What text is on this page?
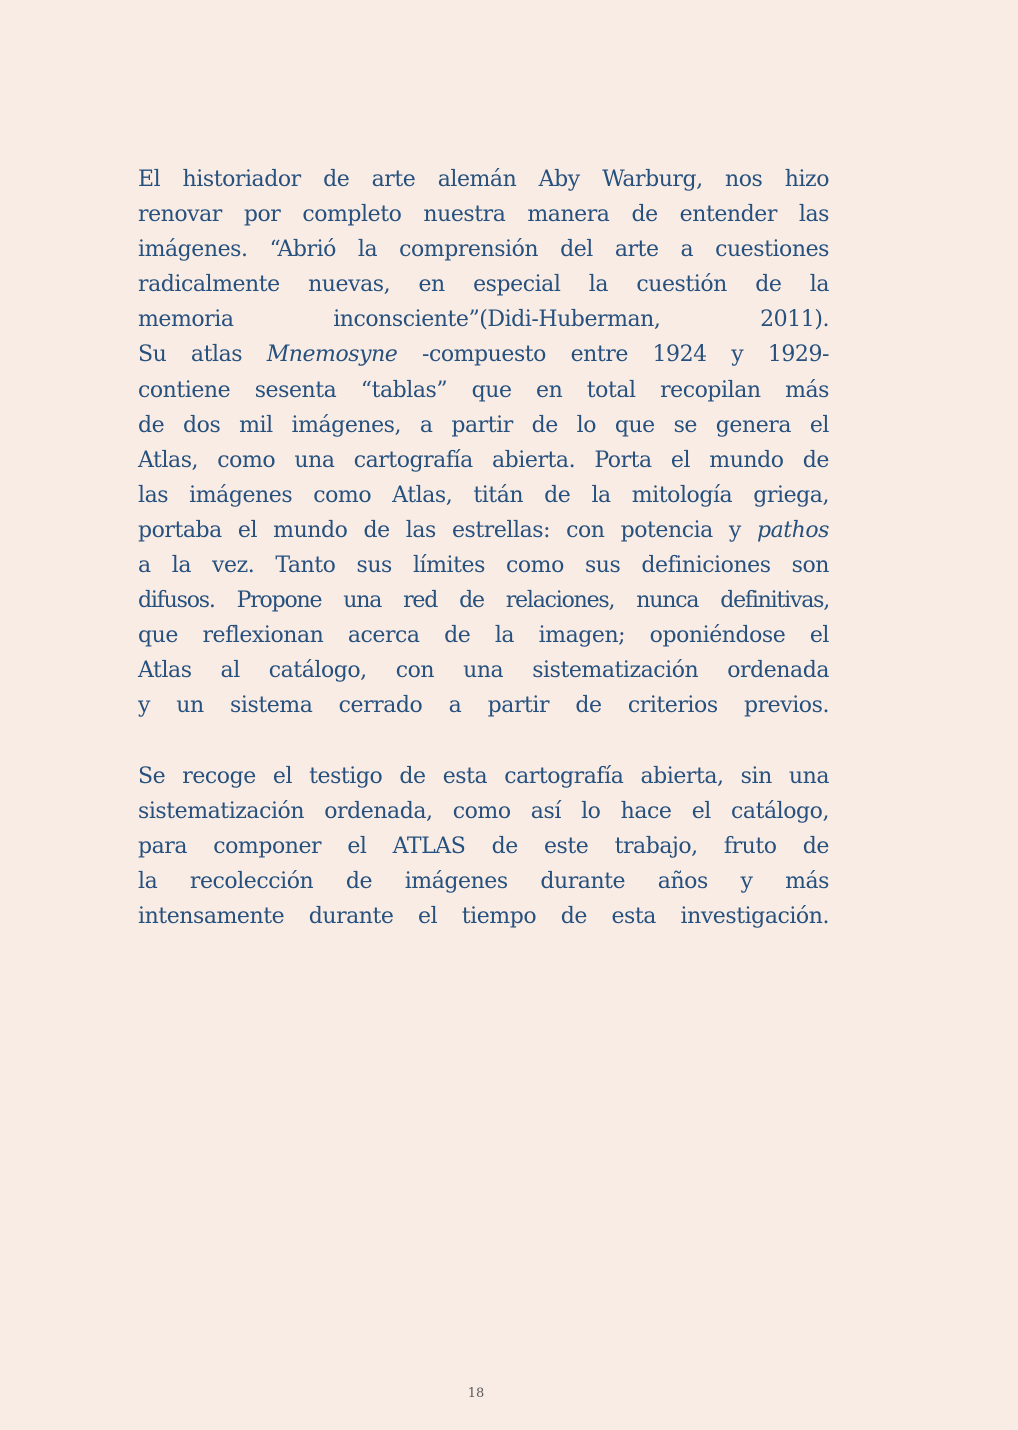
El historiador de arte alemán Aby Warburg, nos hizo
renovar por completo nuestra manera de entender las
imágenes. “Abrió la comprensión del arte a cuestiones
radicalmente nuevas, en especial la cuestión de la
memoria inconsciente”(Didi-Huberman, 2011).
Su atlas Mnemosyne -compuesto entre 1924 y 1929-
contiene sesenta “tablas” que en total recopilan más
de dos mil imágenes, a partir de lo que se genera el
Atlas, como una cartografía abierta. Porta el mundo de
las imágenes como Atlas, titán de la mitología griega,
portaba el mundo de las estrellas: con potencia y pathos
a la vez. Tanto sus límites como sus definiciones son
difusos. Propone una red de relaciones, nunca definitivas,
que reflexionan acerca de la imagen; oponiéndose el
Atlas al catálogo, con una sistematización ordenada
y un sistema cerrado a partir de criterios previos.

Se recoge el testigo de esta cartografía abierta, sin una
sistematización ordenada, como así lo hace el catálogo,
para componer el ATLAS de este trabajo, fruto de
la recolección de imágenes durante años y más
intensamente durante el tiempo de esta investigación.

18
